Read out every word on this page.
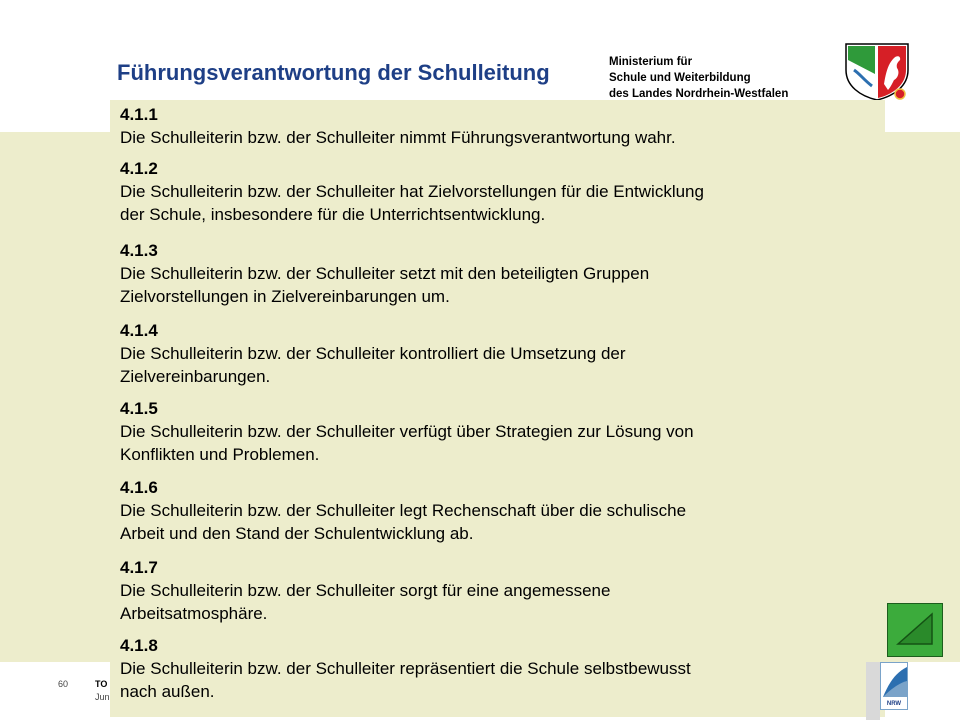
Führungsverantwortung der Schulleitung	Ministerium für
Schule und Weiterbildung
des Landes Nordrhein-Westfalen
4.1.1
Die Schulleiterin bzw. der Schulleiter nimmt Führungsverantwortung wahr.
4.1.2
Die Schulleiterin bzw. der Schulleiter hat Zielvorstellungen für die Entwicklung
der Schule, insbesondere für die Unterrichtsentwicklung.
4.1.3
Die Schulleiterin bzw. der Schulleiter setzt mit den beteiligten Gruppen
Zielvorstellungen in Zielvereinbarungen um.
4.1.4
Die Schulleiterin bzw. der Schulleiter kontrolliert die Umsetzung der
Zielvereinbarungen.
4.1.5
Die Schulleiterin bzw. der Schulleiter verfügt über Strategien zur Lösung von
Konflikten und Problemen.
4.1.6
Die Schulleiterin bzw. der Schulleiter legt Rechenschaft über die schulische
Arbeit und den Stand der Schulentwicklung ab.
4.1.7
Die Schulleiterin bzw. der Schulleiter sorgt für eine angemessene
Arbeitsatmosphäre.
4.1.8
Die Schulleiterin bzw. der Schulleiter repräsentiert die Schule selbstbewusst
nach außen.
60	TO
Jun
NRW
